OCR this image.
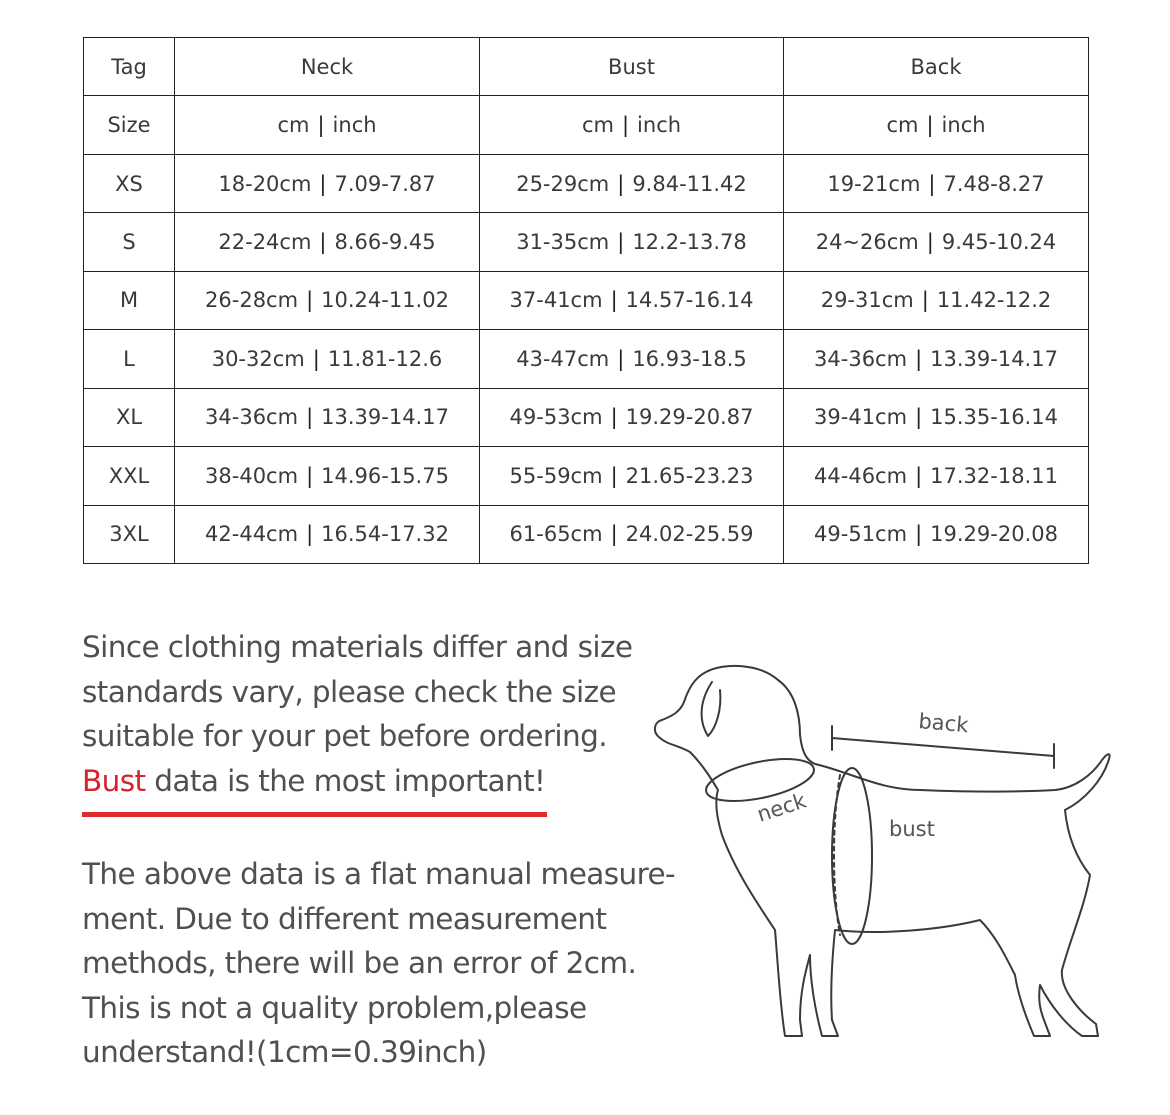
Tag	Neck	Bust	Back
Size	cm | inch	cm | inch	cm | inch
XS	18-20cm | 7.09-7.87	25-29cm | 9.84-11.42	19-21cm | 7.48-8.27
S	22-24cm | 8.66-9.45	31-35cm | 12.2-13.78	24~26cm | 9.45-10.24
M	26-28cm | 10.24-11.02	37-41cm | 14.57-16.14	29-31cm | 11.42-12.2
L	30-32cm | 11.81-12.6	43-47cm | 16.93-18.5	34-36cm | 13.39-14.17
XL	34-36cm | 13.39-14.17	49-53cm | 19.29-20.87	39-41cm | 15.35-16.14
XXL	38-40cm | 14.96-15.75	55-59cm | 21.65-23.23	44-46cm | 17.32-18.11
3XL	42-44cm | 16.54-17.32	61-65cm | 24.02-25.59	49-51cm | 19.29-20.08
Since clothing materials differ and size
standards vary, please check the size
suitable for your pet before ordering.
Bust data is the most important!
The above data is a flat manual measure-
ment. Due to different measurement
methods, there will be an error of 2cm.
This is not a quality problem,please
understand!(1cm=0.39inch)
back
neck
bust
